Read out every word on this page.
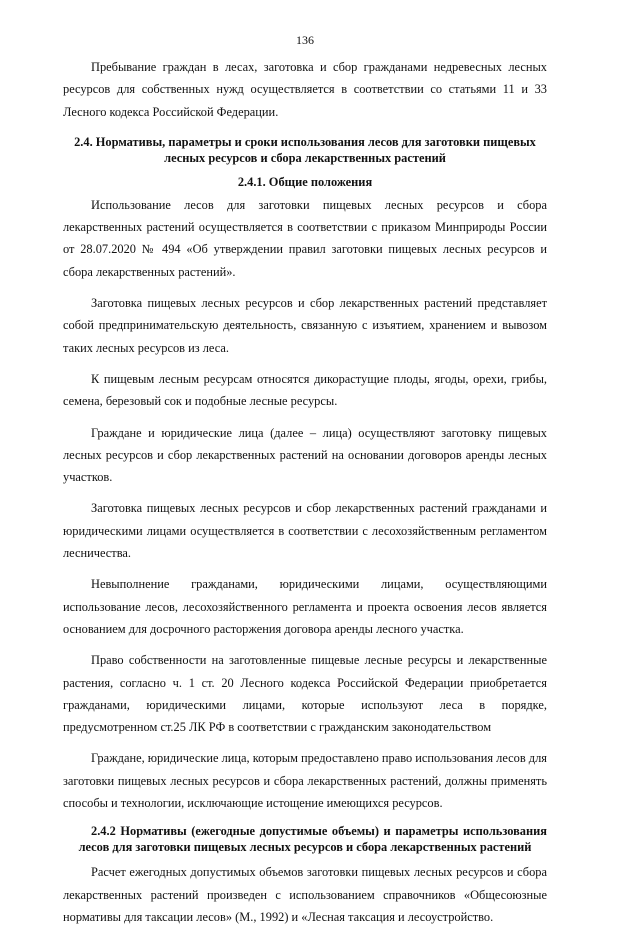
136

Пребывание граждан в лесах, заготовка и сбор гражданами недревесных лесных ресурсов для собственных нужд осуществляется в соответствии со статьями 11 и 33 Лесного кодекса Российской Федерации.

2.4. Нормативы, параметры и сроки использования лесов для заготовки пищевых лесных ресурсов и сбора лекарственных растений

2.4.1. Общие положения

Использование лесов для заготовки пищевых лесных ресурсов и сбора лекарственных растений осуществляется в соответствии с приказом Минприроды России от 28.07.2020 № 494 «Об утверждении правил заготовки пищевых лесных ресурсов и сбора лекарственных растений».

Заготовка пищевых лесных ресурсов и сбор лекарственных растений представляет собой предпринимательскую деятельность, связанную с изъятием, хранением и вывозом таких лесных ресурсов из леса.

К пищевым лесным ресурсам относятся дикорастущие плоды, ягоды, орехи, грибы, семена, березовый сок и подобные лесные ресурсы.

Граждане и юридические лица (далее – лица) осуществляют заготовку пищевых лесных ресурсов и сбор лекарственных растений на основании договоров аренды лесных участков.

Заготовка пищевых лесных ресурсов и сбор лекарственных растений гражданами и юридическими лицами осуществляется в соответствии с лесохозяйственным регламентом лесничества.

Невыполнение гражданами, юридическими лицами, осуществляющими использование лесов, лесохозяйственного регламента и проекта освоения лесов является основанием для досрочного расторжения договора аренды лесного участка.

Право собственности на заготовленные пищевые лесные ресурсы и лекарственные растения, согласно ч. 1 ст. 20 Лесного кодекса Российской Федерации приобретается гражданами, юридическими лицами, которые используют леса в порядке, предусмотренном ст.25 ЛК РФ в соответствии с гражданским законодательством

Граждане, юридические лица, которым предоставлено право использования лесов для заготовки пищевых лесных ресурсов и сбора лекарственных растений, должны применять способы и технологии, исключающие истощение имеющихся ресурсов.

2.4.2 Нормативы (ежегодные допустимые объемы) и параметры использования лесов для заготовки пищевых лесных ресурсов и сбора лекарственных растений

Расчет ежегодных допустимых объемов заготовки пищевых лесных ресурсов и сбора лекарственных растений произведен с использованием справочников «Общесоюзные нормативы для таксации лесов» (М., 1992) и «Лесная таксация и лесоустройство.
